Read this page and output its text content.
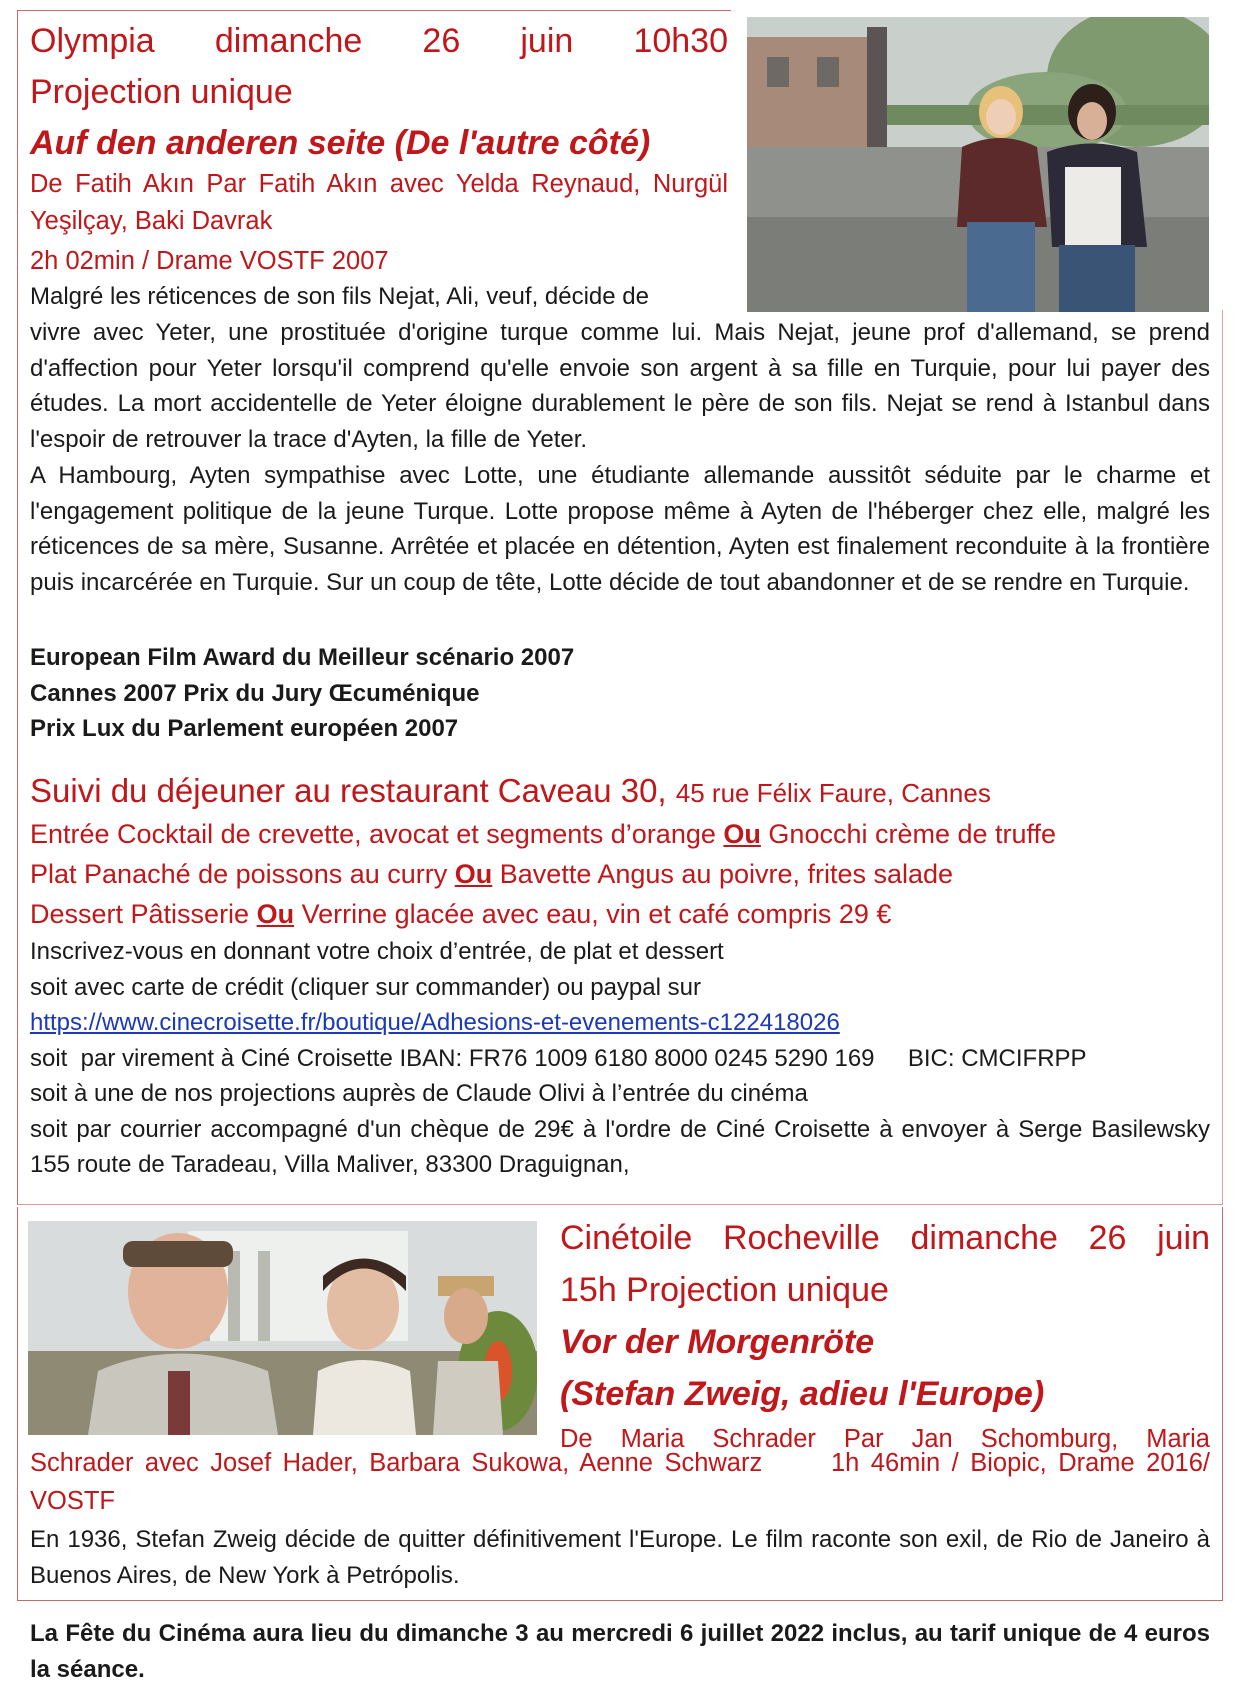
Olympia dimanche 26 juin 10h30
Projection unique
Auf den anderen seite (De l'autre côté)
De Fatih Akın Par Fatih Akın avec Yelda Reynaud, Nurgül Yeşilçay, Baki Davrak
2h 02min / Drame VOSTF 2007
Malgré les réticences de son fils Nejat, Ali, veuf, décide de
vivre avec Yeter, une prostituée d'origine turque comme lui. Mais Nejat, jeune prof d'allemand, se prend d'affection pour Yeter lorsqu'il comprend qu'elle envoie son argent à sa fille en Turquie, pour lui payer des études. La mort accidentelle de Yeter éloigne durablement le père de son fils. Nejat se rend à Istanbul dans l'espoir de retrouver la trace d'Ayten, la fille de Yeter.
A Hambourg, Ayten sympathise avec Lotte, une étudiante allemande aussitôt séduite par le charme et l'engagement politique de la jeune Turque. Lotte propose même à Ayten de l'héberger chez elle, malgré les réticences de sa mère, Susanne. Arrêtée et placée en détention, Ayten est finalement reconduite à la frontière puis incarcérée en Turquie. Sur un coup de tête, Lotte décide de tout abandonner et de se rendre en Turquie.
European Film Award du Meilleur scénario 2007
Cannes 2007 Prix du Jury Œcuménique
Prix Lux du Parlement européen 2007
Suivi du déjeuner au restaurant Caveau 30, 45 rue Félix Faure, Cannes
Entrée Cocktail de crevette, avocat et segments d’orange Ou Gnocchi crème de truffe
Plat Panaché de poissons au curry Ou Bavette Angus au poivre, frites salade
Dessert Pâtisserie Ou Verrine glacée avec eau, vin et café compris 29 €
Inscrivez-vous en donnant votre choix d’entrée, de plat et dessert
soit avec carte de crédit (cliquer sur commander) ou paypal sur
https://www.cinecroisette.fr/boutique/Adhesions-et-evenements-c122418026
soit  par virement à Ciné Croisette IBAN: FR76 1009 6180 8000 0245 5290 169     BIC: CMCIFRPP
soit à une de nos projections auprès de Claude Olivi à l’entrée du cinéma
soit par courrier accompagné d'un chèque de 29€ à l'ordre de Ciné Croisette à envoyer à Serge Basilewsky 155 route de Taradeau, Villa Maliver, 83300 Draguignan,
Cinétoile Rocheville dimanche 26 juin
15h Projection unique
Vor der Morgenröte
(Stefan Zweig, adieu l'Europe)
De Maria Schrader Par Jan Schomburg, Maria
Schrader avec Josef Hader, Barbara Sukowa, Aenne Schwarz      1h 46min / Biopic, Drame 2016/ VOSTF
En 1936, Stefan Zweig décide de quitter définitivement l'Europe. Le film raconte son exil, de Rio de Janeiro à Buenos Aires, de New York à Petrópolis.
La Fête du Cinéma aura lieu du dimanche 3 au mercredi 6 juillet 2022 inclus, au tarif unique de 4 euros la séance.
